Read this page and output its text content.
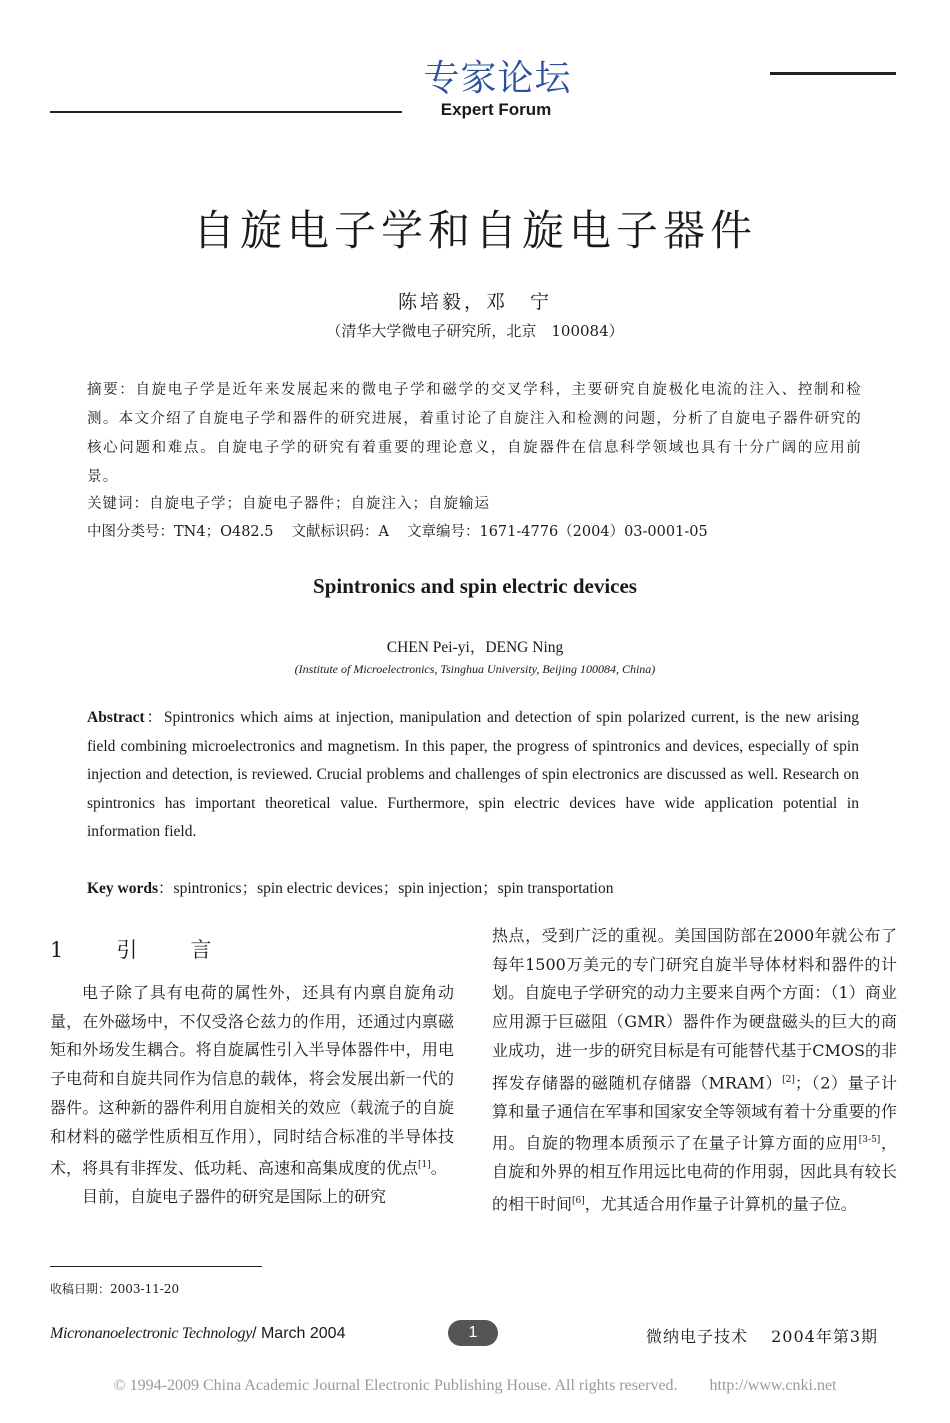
专家论坛
Expert Forum
自旋电子学和自旋电子器件
陈培毅，邓　宁
（清华大学微电子研究所，北京　100084）
摘要：自旋电子学是近年来发展起来的微电子学和磁学的交叉学科，主要研究自旋极化电流的注入、控制和检测。本文介绍了自旋电子学和器件的研究进展，着重讨论了自旋注入和检测的问题，分析了自旋电子器件研究的核心问题和难点。自旋电子学的研究有着重要的理论意义，自旋器件在信息科学领域也具有十分广阔的应用前景。
关键词：自旋电子学；自旋电子器件；自旋注入；自旋输运
中图分类号：TN4；O482.5 文献标识码：A 文章编号：1671-4776（2004）03-0001-05
Spintronics and spin electric devices
CHEN Pei-yi，DENG Ning
(Institute of Microelectronics, Tsinghua University, Beijing 100084, China)
Abstract：Spintronics which aims at injection, manipulation and detection of spin polarized current, is the new arising field combining microelectronics and magnetism. In this paper, the progress of spintronics and devices, especially of spin injection and detection, is reviewed. Crucial problems and challenges of spin electronics are discussed as well. Research on spintronics has important theoretical value. Furthermore, spin electric devices have wide application potential in information field.
Key words：spintronics；spin electric devices；spin injection；spin transportation
1　引　言

电子除了具有电荷的属性外，还具有内禀自旋角动量，在外磁场中，不仅受洛仑兹力的作用，还通过内禀磁矩和外场发生耦合。将自旋属性引入半导体器件中，用电子电荷和自旋共同作为信息的载体，将会发展出新一代的器件。这种新的器件利用自旋相关的效应（载流子的自旋和材料的磁学性质相互作用），同时结合标准的半导体技术，将具有非挥发、低功耗、高速和高集成度的优点[1]。

目前，自旋电子器件的研究是国际上的研究

热点，受到广泛的重视。美国国防部在2000年就公布了每年1500万美元的专门研究自旋半导体材料和器件的计划。自旋电子学研究的动力主要来自两个方面：（1）商业应用源于巨磁阻（GMR）器件作为硬盘磁头的巨大的商业成功，进一步的研究目标是有可能替代基于CMOS的非挥发存储器的磁随机存储器（MRAM）[2]；（2）量子计算和量子通信在军事和国家安全等领域有着十分重要的作用。自旋的物理本质预示了在量子计算方面的应用[3-5]，自旋和外界的相互作用远比电荷的作用弱，因此具有较长的相干时间[6]，尤其适合用作量子计算机的量子位。

收稿日期：2003-11-20
Micronanoelectronic Technology/ March 2004	1	微纳电子技术　 2004年第3期
© 1994-2009 China Academic Journal Electronic Publishing House. All rights reserved.　　http://www.cnki.net
